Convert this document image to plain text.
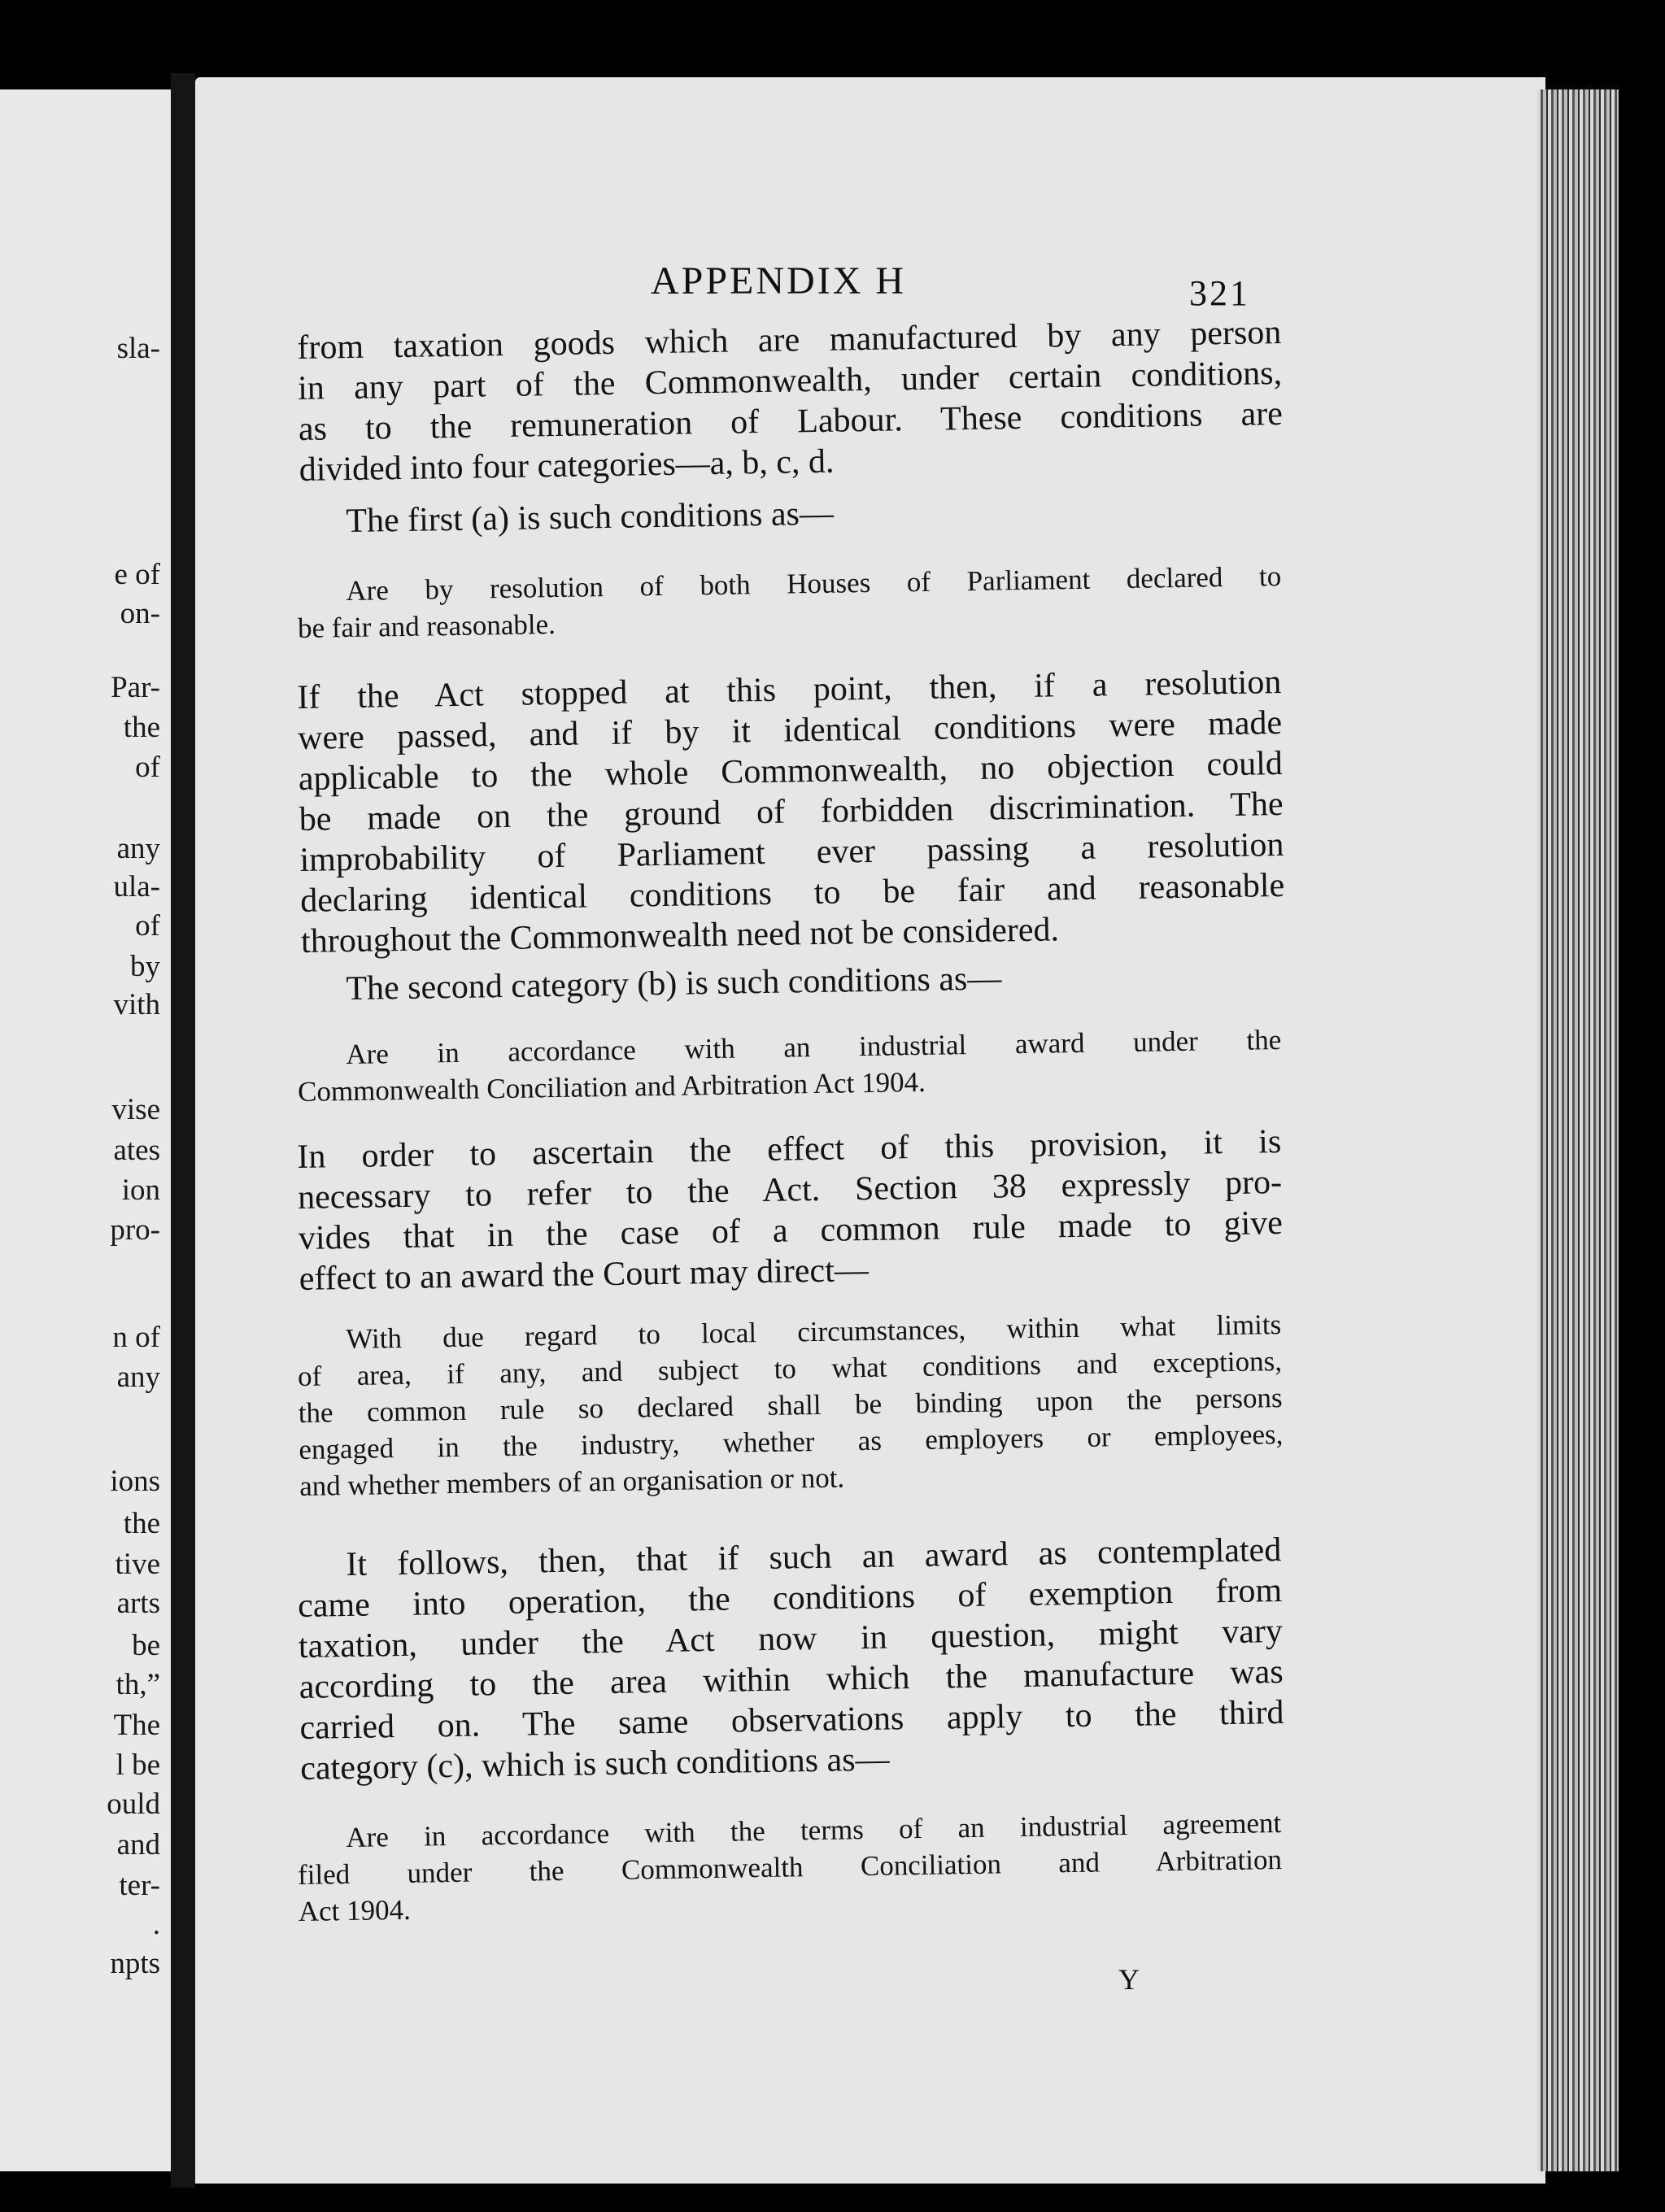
sla-
e of
on-
Par-
the
of
any
ula-
of
by
vith
vise
ates
ion
pro-
n of
any
ions
the
tive
arts
be
th,”
The
l be
ould
and
ter-
.
npts
APPENDIX H	321
from taxation goods which are manufactured by any person
in any part of the Commonwealth, under certain conditions,
as to the remuneration of Labour. These conditions are
divided into four categories—a, b, c, d.
The first (a) is such conditions as—
Are by resolution of both Houses of Parliament declared to
be fair and reasonable.
If the Act stopped at this point, then, if a resolution
were passed, and if by it identical conditions were made
applicable to the whole Commonwealth, no objection could
be made on the ground of forbidden discrimination. The
improbability of Parliament ever passing a resolution
declaring identical conditions to be fair and reasonable
throughout the Commonwealth need not be considered.
The second category (b) is such conditions as—
Are in accordance with an industrial award under the
Commonwealth Conciliation and Arbitration Act 1904.
In order to ascertain the effect of this provision, it is
necessary to refer to the Act. Section 38 expressly pro-
vides that in the case of a common rule made to give
effect to an award the Court may direct—
With due regard to local circumstances, within what limits
of area, if any, and subject to what conditions and exceptions,
the common rule so declared shall be binding upon the persons
engaged in the industry, whether as employers or employees,
and whether members of an organisation or not.
It follows, then, that if such an award as contemplated
came into operation, the conditions of exemption from
taxation, under the Act now in question, might vary
according to the area within which the manufacture was
carried on. The same observations apply to the third
category (c), which is such conditions as—
Are in accordance with the terms of an industrial agreement
filed under the Commonwealth Conciliation and Arbitration
Act 1904.
Y
